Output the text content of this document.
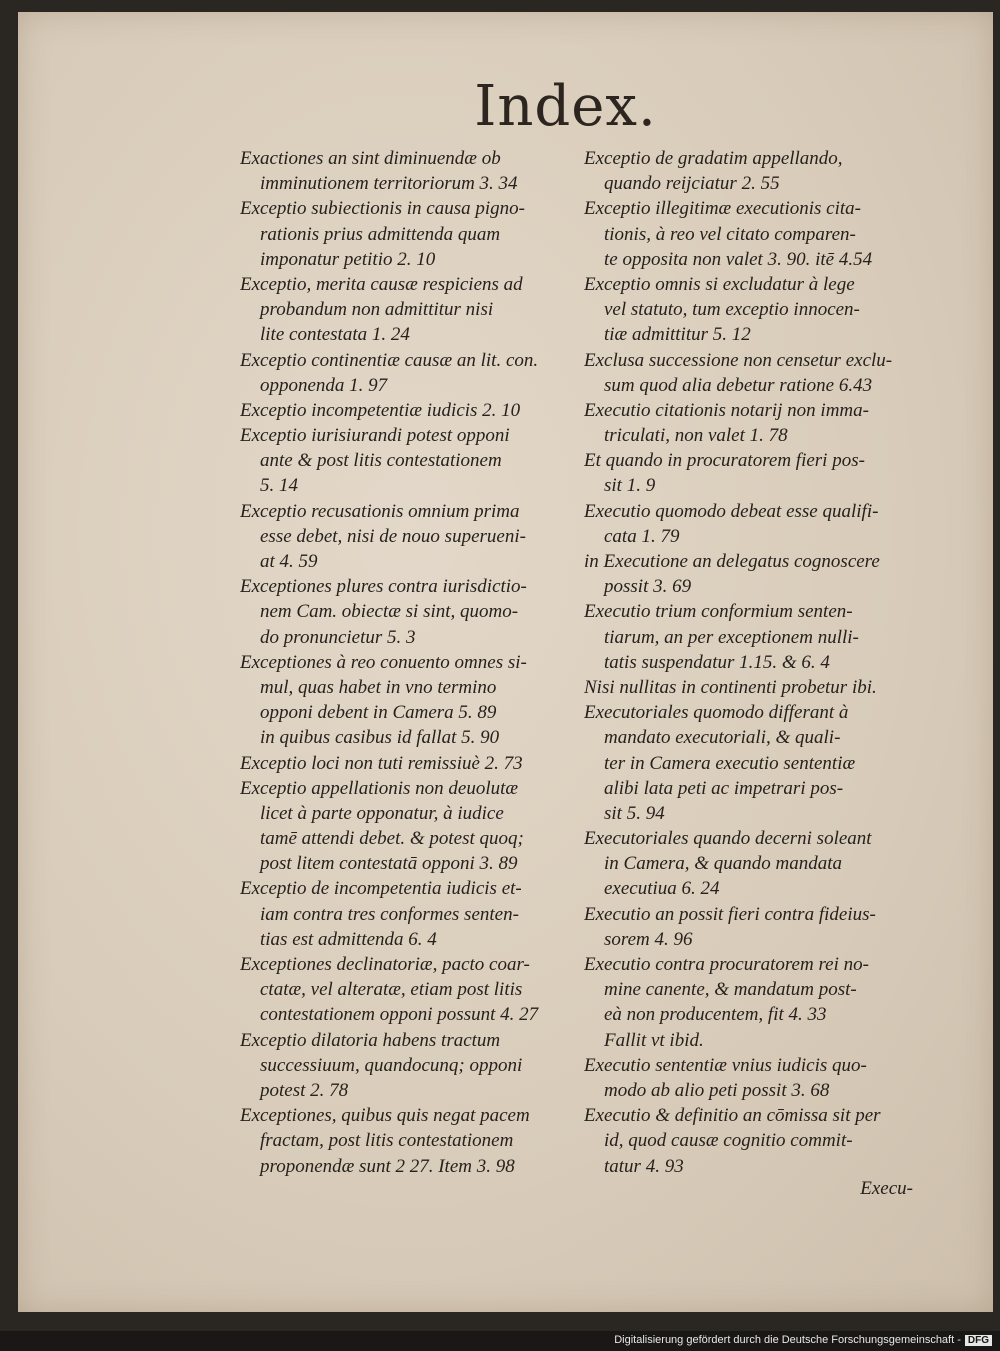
Index.
Exactiones an sint diminuendæ ob
imminutionem territoriorum 3. 34
Exceptio subiectionis in causa pigno-
rationis prius admittenda quam
imponatur petitio 2. 10
Exceptio, merita causæ respiciens ad
probandum non admittitur nisi
lite contestata 1. 24
Exceptio continentiæ causæ an lit. con.
opponenda 1. 97
Exceptio incompetentiæ iudicis 2. 10
Exceptio iurisiurandi potest opponi
ante & post litis contestationem
5. 14
Exceptio recusationis omnium prima
esse debet, nisi de nouo superueni-
at 4. 59
Exceptiones plures contra iurisdictio-
nem Cam. obiectæ si sint, quomo-
do pronuncietur 5. 3
Exceptiones à reo conuento omnes si-
mul, quas habet in vno termino
opponi debent in Camera 5. 89
in quibus casibus id fallat 5. 90
Exceptio loci non tuti remissiuè 2. 73
Exceptio appellationis non deuolutæ
licet à parte opponatur, à iudice
tamē attendi debet. & potest quoq;
post litem contestatā opponi 3. 89
Exceptio de incompetentia iudicis et-
iam contra tres conformes senten-
tias est admittenda 6. 4
Exceptiones declinatoriæ, pacto coar-
ctatæ, vel alteratæ, etiam post litis
contestationem opponi possunt 4. 27
Exceptio dilatoria habens tractum
successiuum, quandocunq; opponi
potest 2. 78
Exceptiones, quibus quis negat pacem
fractam, post litis contestationem
proponendæ sunt 2 27. Item 3. 98
Exceptio de gradatim appellando,
quando reijciatur 2. 55
Exceptio illegitimæ executionis cita-
tionis, à reo vel citato comparen-
te opposita non valet 3. 90. itē 4.54
Exceptio omnis si excludatur à lege
vel statuto, tum exceptio innocen-
tiæ admittitur 5. 12
Exclusa successione non censetur exclu-
sum quod alia debetur ratione 6.43
Executio citationis notarij non imma-
triculati, non valet 1. 78
Et quando in procuratorem fieri pos-
sit 1. 9
Executio quomodo debeat esse qualifi-
cata 1. 79
in Executione an delegatus cognoscere
possit 3. 69
Executio trium conformium senten-
tiarum, an per exceptionem nulli-
tatis suspendatur 1.15. & 6. 4
Nisi nullitas in continenti probetur ibi.
Executoriales quomodo differant à
mandato executoriali, & quali-
ter in Camera executio sententiæ
alibi lata peti ac impetrari pos-
sit 5. 94
Executoriales quando decerni soleant
in Camera, & quando mandata
executiua 6. 24
Executio an possit fieri contra fideius-
sorem 4. 96
Executio contra procuratorem rei no-
mine canente, & mandatum post-
eà non producentem, fit 4. 33
Fallit vt ibid.
Executio sententiæ vnius iudicis quo-
modo ab alio peti possit 3. 68
Executio & definitio an cōmissa sit per
id, quod causæ cognitio commit-
tatur 4. 93
Execu-
Digitalisierung gefördert durch die Deutsche Forschungsgemeinschaft - DFG
